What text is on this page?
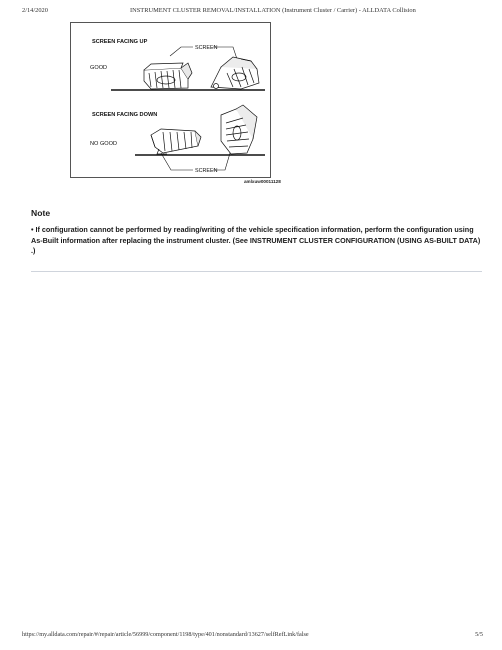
2/14/2020	INSTRUMENT CLUSTER REMOVAL/INSTALLATION (Instrument Cluster / Carrier) - ALLDATA Collision
SCREEN FACING UP
SCREEN
GOOD
SCREEN FACING DOWN
NO GOOD
SCREEN
amlxuw00011128
Note
• If configuration cannot be performed by reading/writing of the vehicle specification information, perform the configuration using As-Built information after replacing the instrument cluster. (See INSTRUMENT CLUSTER CONFIGURATION (USING AS-BUILT DATA) .)
https://my.alldata.com/repair/#/repair/article/56999/component/1198/type/401/nonstandard/13627/selfRefLink/false	5/5
